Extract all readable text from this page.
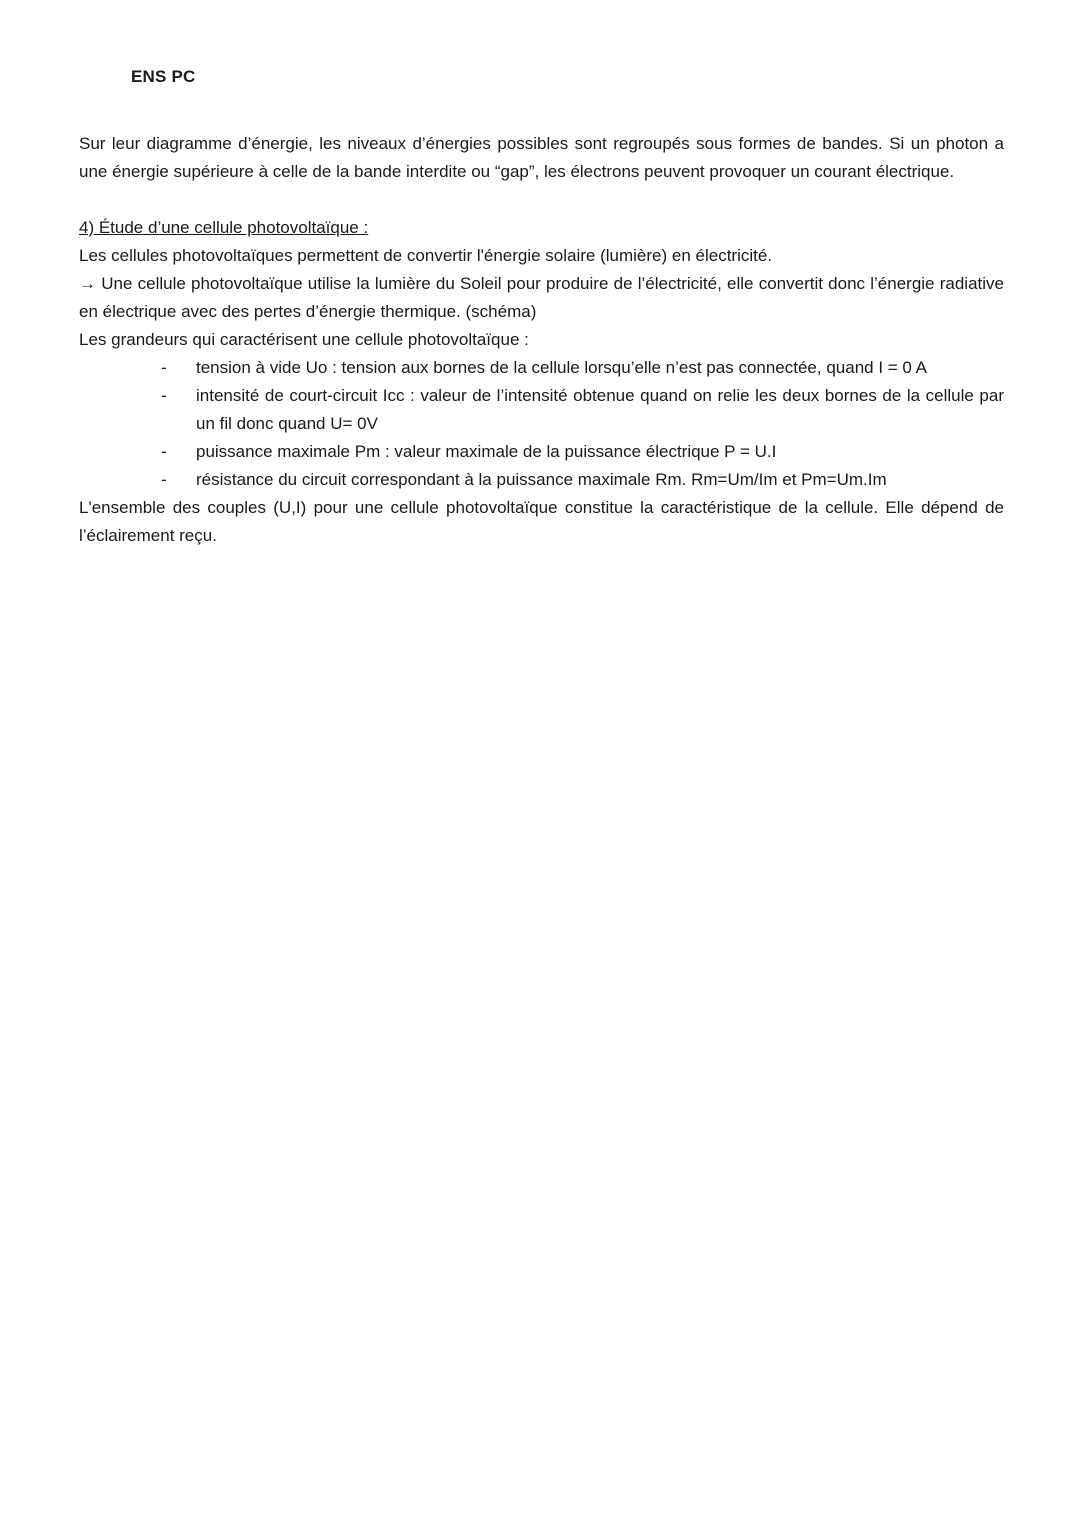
ENS PC

Sur leur diagramme d’énergie, les niveaux d’énergies possibles sont regroupés sous formes de bandes. Si un photon a une énergie supérieure à celle de la bande interdite ou “gap”, les électrons peuvent provoquer un courant électrique.

4) Étude d’une cellule photovoltaïque :

Les cellules photovoltaïques permettent de convertir l'énergie solaire (lumière) en électricité.

→ Une cellule photovoltaïque utilise la lumière du Soleil pour produire de l’électricité, elle convertit donc l’énergie radiative en électrique avec des pertes d’énergie thermique. (schéma)

Les grandeurs qui caractérisent une cellule photovoltaïque :

- tension à vide Uo : tension aux bornes de la cellule lorsqu’elle n’est pas connectée, quand I = 0 A
- intensité de court-circuit Icc : valeur de l’intensité obtenue quand on relie les deux bornes de la cellule par un fil donc quand U= 0V
- puissance maximale Pm : valeur maximale de la puissance électrique P = U.I
- résistance du circuit correspondant à la puissance maximale Rm. Rm=Um/Im et Pm=Um.Im

L'ensemble des couples (U,I) pour une cellule photovoltaïque constitue la caractéristique de la cellule. Elle dépend de l’éclairement reçu.
